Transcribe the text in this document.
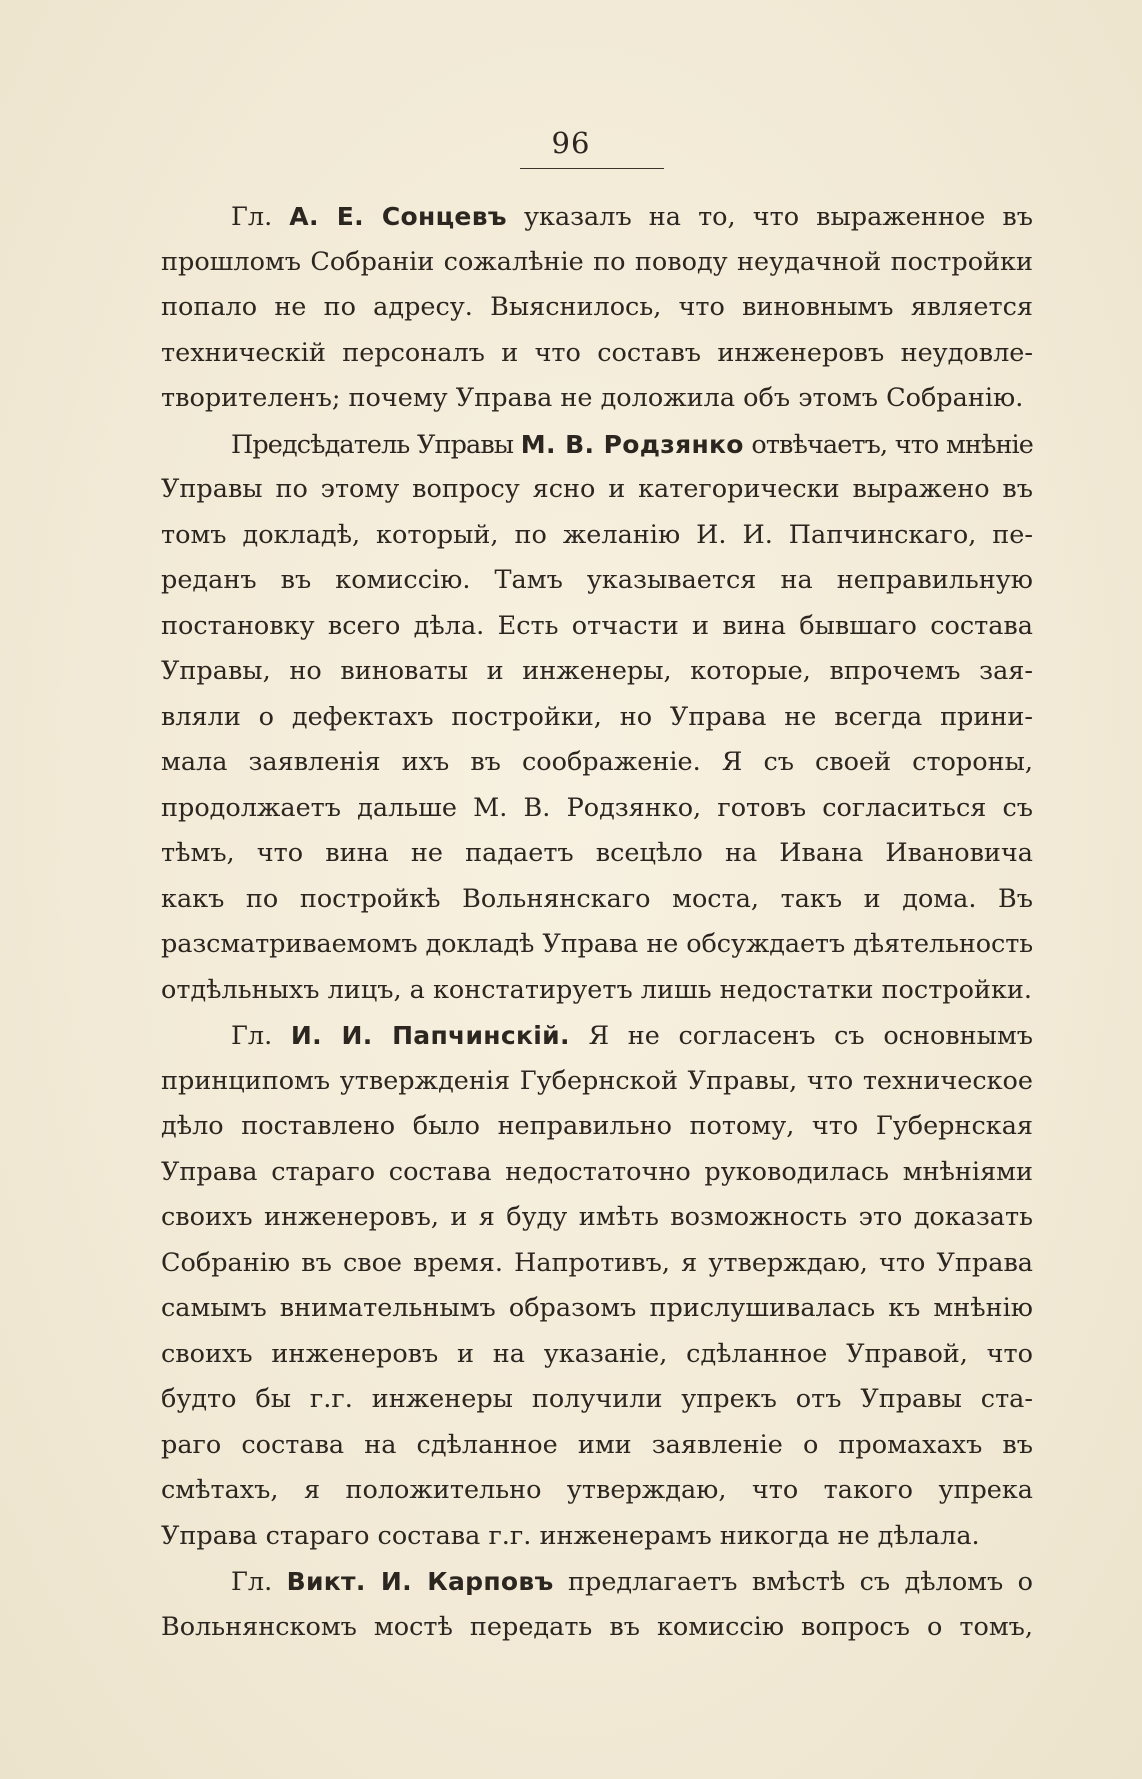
96
Гл. А. Е. Сонцевъ указалъ на то, что выраженное въ
прошломъ Собраніи сожалѣніе по поводу неудачной постройки
попало не по адресу. Выяснилось, что виновнымъ является
техническій персоналъ и что составъ инженеровъ неудовле-
творителенъ; почему Управа не доложила объ этомъ Собранію.
Предсѣдатель Управы М. В. Родзянко отвѣчаетъ, что мнѣніе
Управы по этому вопросу ясно и категорически выражено въ
томъ докладѣ, который, по желанію И. И. Папчинскаго, пе-
реданъ въ комиссію. Тамъ указывается на неправильную
постановку всего дѣла. Есть отчасти и вина бывшаго состава
Управы, но виноваты и инженеры, которые, впрочемъ зая-
вляли о дефектахъ постройки, но Управа не всегда прини-
мала заявленія ихъ въ соображеніе. Я съ своей стороны,
продолжаетъ дальше М. В. Родзянко, готовъ согласиться съ
тѣмъ, что вина не падаетъ всецѣло на Ивана Ивановича
какъ по постройкѣ Вольнянскаго моста, такъ и дома. Въ
разсматриваемомъ докладѣ Управа не обсуждаетъ дѣятельность
отдѣльныхъ лицъ, а констатируетъ лишь недостатки постройки.
Гл. И. И. Папчинскій. Я не согласенъ съ основнымъ
принципомъ утвержденія Губернской Управы, что техническое
дѣло поставлено было неправильно потому, что Губернская
Управа стараго состава недостаточно руководилась мнѣніями
своихъ инженеровъ, и я буду имѣть возможность это доказать
Собранію въ свое время. Напротивъ, я утверждаю, что Управа
самымъ внимательнымъ образомъ прислушивалась къ мнѣнію
своихъ инженеровъ и на указаніе, сдѣланное Управой, что
будто бы г.г. инженеры получили упрекъ отъ Управы ста-
раго состава на сдѣланное ими заявленіе о промахахъ въ
смѣтахъ, я положительно утверждаю, что такого упрека
Управа стараго состава г.г. инженерамъ никогда не дѣлала.
Гл. Викт. И. Карповъ предлагаетъ вмѣстѣ съ дѣломъ о
Вольнянскомъ мостѣ передать въ комиссію вопросъ о томъ,
